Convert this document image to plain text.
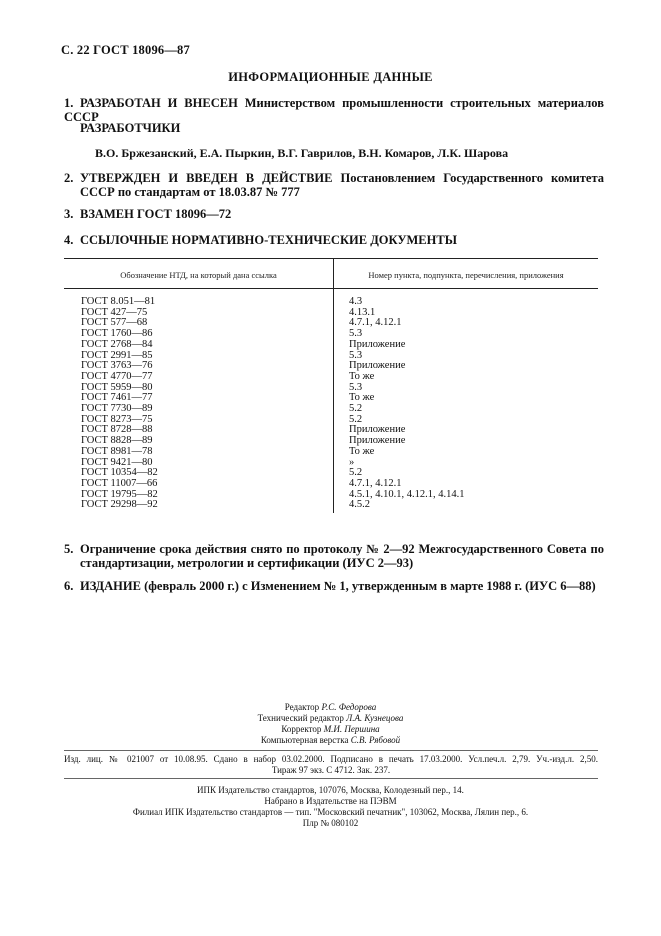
С. 22 ГОСТ 18096—87
ИНФОРМАЦИОННЫЕ ДАННЫЕ
1. РАЗРАБОТАН И ВНЕСЕН Министерством промышленности строительных материалов СССР
РАЗРАБОТЧИКИ
В.О. Бржезанский, Е.А. Пыркин, В.Г. Гаврилов, В.Н. Комаров, Л.К. Шарова
2. УТВЕРЖДЕН И ВВЕДЕН В ДЕЙСТВИЕ Постановлением Государственного комитета СССР по стандартам от 18.03.87 № 777
3. ВЗАМЕН ГОСТ 18096—72
4. ССЫЛОЧНЫЕ НОРМАТИВНО-ТЕХНИЧЕСКИЕ ДОКУМЕНТЫ
Обозначение НТД, на который дана ссылка	Номер пункта, подпункта, перечисления, приложения
ГОСТ 8.051—81
ГОСТ 427—75
ГОСТ 577—68
ГОСТ 1760—86
ГОСТ 2768—84
ГОСТ 2991—85
ГОСТ 3763—76
ГОСТ 4770—77
ГОСТ 5959—80
ГОСТ 7461—77
ГОСТ 7730—89
ГОСТ 8273—75
ГОСТ 8728—88
ГОСТ 8828—89
ГОСТ 8981—78
ГОСТ 9421—80
ГОСТ 10354—82
ГОСТ 11007—66
ГОСТ 19795—82
ГОСТ 29298—92
4.3
4.13.1
4.7.1, 4.12.1
5.3
Приложение
5.3
Приложение
То же
5.3
То же
5.2
5.2
Приложение
Приложение
То же
»
5.2
4.7.1, 4.12.1
4.5.1, 4.10.1, 4.12.1, 4.14.1
4.5.2
5. Ограничение срока действия снято по протоколу № 2—92 Межгосударственного Совета по стандартизации, метрологии и сертификации (ИУС 2—93)
6. ИЗДАНИЕ (февраль 2000 г.) с Изменением № 1, утвержденным в марте 1988 г. (ИУС 6—88)
Редактор Р.С. Федорова
Технический редактор Л.А. Кузнецова
Корректор М.И. Першина
Компьютерная верстка С.В. Рябовой
Изд. лиц. № 021007 от 10.08.95. Сдано в набор 03.02.2000. Подписано в печать 17.03.2000. Усл.печ.л. 2,79. Уч.-изд.л. 2,50.
Тираж 97 экз. С 4712. Зак. 237.
ИПК Издательство стандартов, 107076, Москва, Колодезный пер., 14.
Набрано в Издательстве на ПЭВМ
Филиал ИПК Издательство стандартов — тип. "Московский печатник", 103062, Москва, Лялин пер., 6.
Плр № 080102
